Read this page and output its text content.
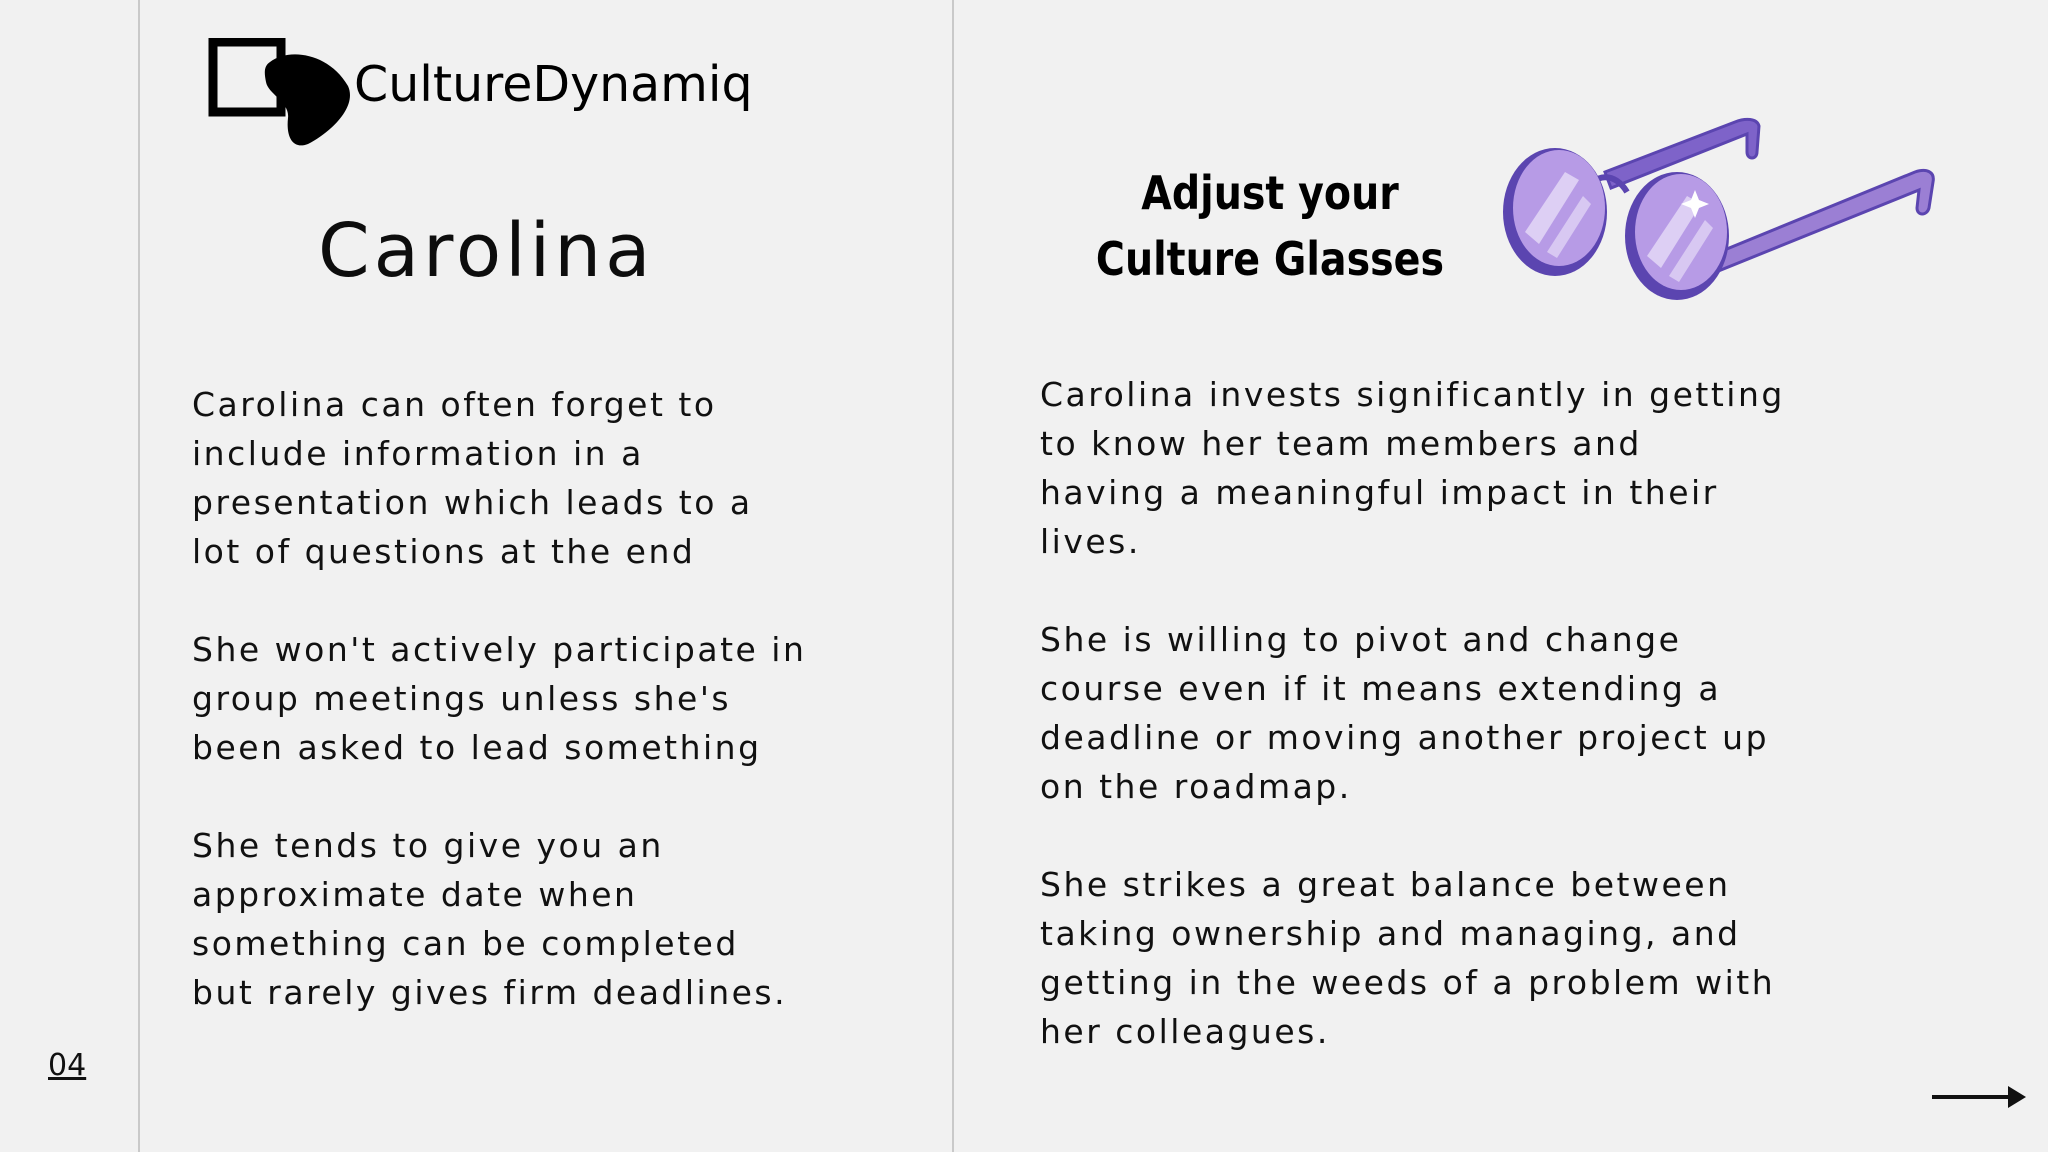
CultureDynamiq
Carolina

Carolina can often forget to
include information in a
presentation which leads to a
lot of questions at the end

She won't actively participate in
group meetings unless she's
been asked to lead something

She tends to give you an
approximate date when
something can be completed
but rarely gives firm deadlines.

Adjust your
Culture Glasses

Carolina invests significantly in getting
to know her team members and
having a meaningful impact in their
lives.

She is willing to pivot and change
course even if it means extending a
deadline or moving another project up
on the roadmap.

She strikes a great balance between
taking ownership and managing, and
getting in the weeds of a problem with
her colleagues.

04
